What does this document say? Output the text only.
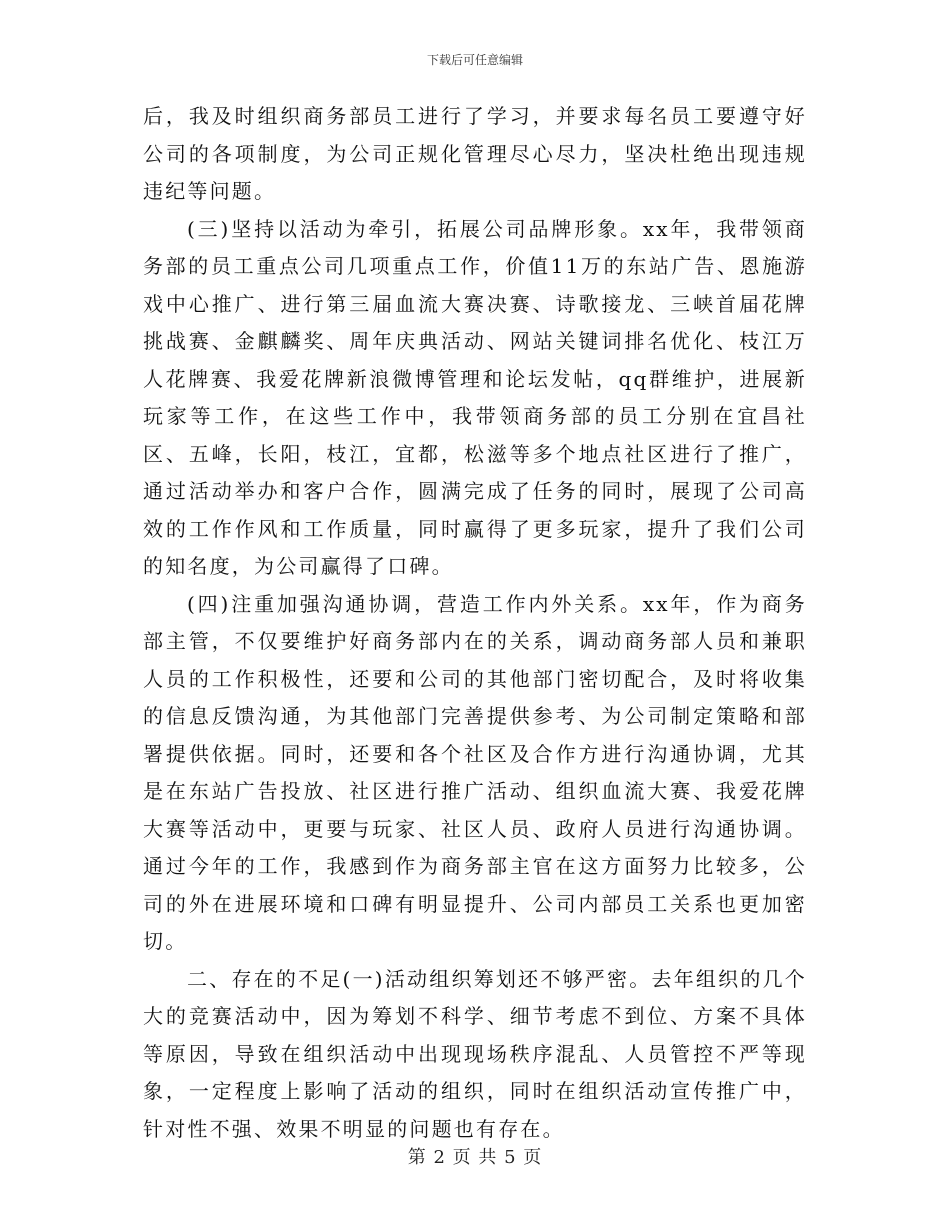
下载后可任意编辑

后，我及时组织商务部员工进行了学习，并要求每名员工要遵守好公司的各项制度，为公司正规化管理尽心尽力，坚决杜绝出现违规违纪等问题。

(三)坚持以活动为牵引，拓展公司品牌形象。xx年，我带领商务部的员工重点公司几项重点工作，价值11万的东站广告、恩施游戏中心推广、进行第三届血流大赛决赛、诗歌接龙、三峡首届花牌挑战赛、金麒麟奖、周年庆典活动、网站关键词排名优化、枝江万人花牌赛、我爱花牌新浪微博管理和论坛发帖，qq群维护，进展新玩家等工作，在这些工作中，我带领商务部的员工分别在宜昌社区、五峰，长阳，枝江，宜都，松滋等多个地点社区进行了推广，通过活动举办和客户合作，圆满完成了任务的同时，展现了公司高效的工作作风和工作质量，同时赢得了更多玩家，提升了我们公司的知名度，为公司赢得了口碑。

(四)注重加强沟通协调，营造工作内外关系。xx年，作为商务部主管，不仅要维护好商务部内在的关系，调动商务部人员和兼职人员的工作积极性，还要和公司的其他部门密切配合，及时将收集的信息反馈沟通，为其他部门完善提供参考、为公司制定策略和部署提供依据。同时，还要和各个社区及合作方进行沟通协调，尤其是在东站广告投放、社区进行推广活动、组织血流大赛、我爱花牌大赛等活动中，更要与玩家、社区人员、政府人员进行沟通协调。通过今年的工作，我感到作为商务部主官在这方面努力比较多，公司的外在进展环境和口碑有明显提升、公司内部员工关系也更加密切。

二、存在的不足(一)活动组织筹划还不够严密。去年组织的几个大的竞赛活动中，因为筹划不科学、细节考虑不到位、方案不具体等原因，导致在组织活动中出现现场秩序混乱、人员管控不严等现象，一定程度上影响了活动的组织，同时在组织活动宣传推广中，针对性不强、效果不明显的问题也有存在。

第 2 页 共 5 页
